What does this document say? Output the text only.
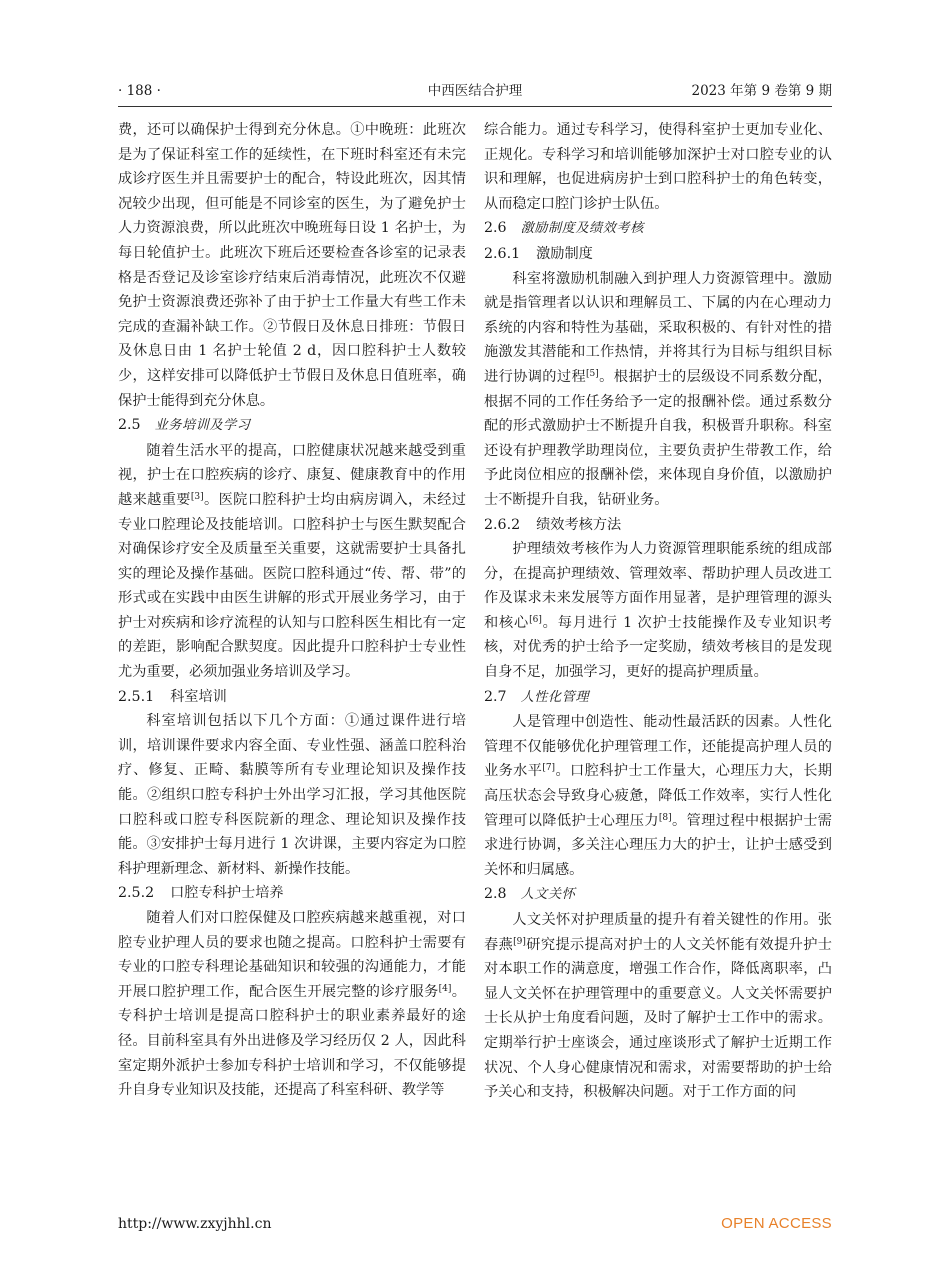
· 188 ·	中西医结合护理	2023 年第 9 卷第 9 期

费，还可以确保护士得到充分休息。①中晚班：此班次是为了保证科室工作的延续性，在下班时科室还有未完成诊疗医生并且需要护士的配合，特设此班次，因其情况较少出现，但可能是不同诊室的医生，为了避免护士人力资源浪费，所以此班次中晚班每日设 1 名护士，为每日轮值护士。此班次下班后还要检查各诊室的记录表格是否登记及诊室诊疗结束后消毒情况，此班次不仅避免护士资源浪费还弥补了由于护士工作量大有些工作未完成的查漏补缺工作。②节假日及休息日排班：节假日及休息日由 1 名护士轮值 2 d，因口腔科护士人数较少，这样安排可以降低护士节假日及休息日值班率，确保护士能得到充分休息。

2.5 业务培训及学习

随着生活水平的提高，口腔健康状况越来越受到重视，护士在口腔疾病的诊疗、康复、健康教育中的作用越来越重要[3]。医院口腔科护士均由病房调入，未经过专业口腔理论及技能培训。口腔科护士与医生默契配合对确保诊疗安全及质量至关重要，这就需要护士具备扎实的理论及操作基础。医院口腔科通过“传、帮、带”的形式或在实践中由医生讲解的形式开展业务学习，由于护士对疾病和诊疗流程的认知与口腔科医生相比有一定的差距，影响配合默契度。因此提升口腔科护士专业性尤为重要，必须加强业务培训及学习。

2.5.1 科室培训

科室培训包括以下几个方面：①通过课件进行培训，培训课件要求内容全面、专业性强、涵盖口腔科治疗、修复、正畸、黏膜等所有专业理论知识及操作技能。②组织口腔专科护士外出学习汇报，学习其他医院口腔科或口腔专科医院新的理念、理论知识及操作技能。③安排护士每月进行 1 次讲课，主要内容定为口腔科护理新理念、新材料、新操作技能。

2.5.2 口腔专科护士培养

随着人们对口腔保健及口腔疾病越来越重视，对口腔专业护理人员的要求也随之提高。口腔科护士需要有专业的口腔专科理论基础知识和较强的沟通能力，才能开展口腔护理工作，配合医生开展完整的诊疗服务[4]。专科护士培训是提高口腔科护士的职业素养最好的途径。目前科室具有外出进修及学习经历仅 2 人，因此科室定期外派护士参加专科护士培训和学习，不仅能够提升自身专业知识及技能，还提高了科室科研、教学等

综合能力。通过专科学习，使得科室护士更加专业化、正规化。专科学习和培训能够加深护士对口腔专业的认识和理解，也促进病房护士到口腔科护士的角色转变，从而稳定口腔门诊护士队伍。

2.6 激励制度及绩效考核
2.6.1 激励制度

科室将激励机制融入到护理人力资源管理中。激励就是指管理者以认识和理解员工、下属的内在心理动力系统的内容和特性为基础，采取积极的、有针对性的措施激发其潜能和工作热情，并将其行为目标与组织目标进行协调的过程[5]。根据护士的层级设不同系数分配，根据不同的工作任务给予一定的报酬补偿。通过系数分配的形式激励护士不断提升自我，积极晋升职称。科室还设有护理教学助理岗位，主要负责护生带教工作，给予此岗位相应的报酬补偿，来体现自身价值，以激励护士不断提升自我，钻研业务。

2.6.2 绩效考核方法

护理绩效考核作为人力资源管理职能系统的组成部分，在提高护理绩效、管理效率、帮助护理人员改进工作及谋求未来发展等方面作用显著，是护理管理的源头和核心[6]。每月进行 1 次护士技能操作及专业知识考核，对优秀的护士给予一定奖励，绩效考核目的是发现自身不足，加强学习，更好的提高护理质量。

2.7 人性化管理

人是管理中创造性、能动性最活跃的因素。人性化管理不仅能够优化护理管理工作，还能提高护理人员的业务水平[7]。口腔科护士工作量大，心理压力大，长期高压状态会导致身心疲惫，降低工作效率，实行人性化管理可以降低护士心理压力[8]。管理过程中根据护士需求进行协调，多关注心理压力大的护士，让护士感受到关怀和归属感。

2.8 人文关怀

人文关怀对护理质量的提升有着关键性的作用。张春燕[9]研究提示提高对护士的人文关怀能有效提升护士对本职工作的满意度，增强工作合作，降低离职率，凸显人文关怀在护理管理中的重要意义。人文关怀需要护士长从护士角度看问题，及时了解护士工作中的需求。定期举行护士座谈会，通过座谈形式了解护士近期工作状况、个人身心健康情况和需求，对需要帮助的护士给予关心和支持，积极解决问题。对于工作方面的问

http://www.zxyjhhl.cn	OPEN ACCESS
